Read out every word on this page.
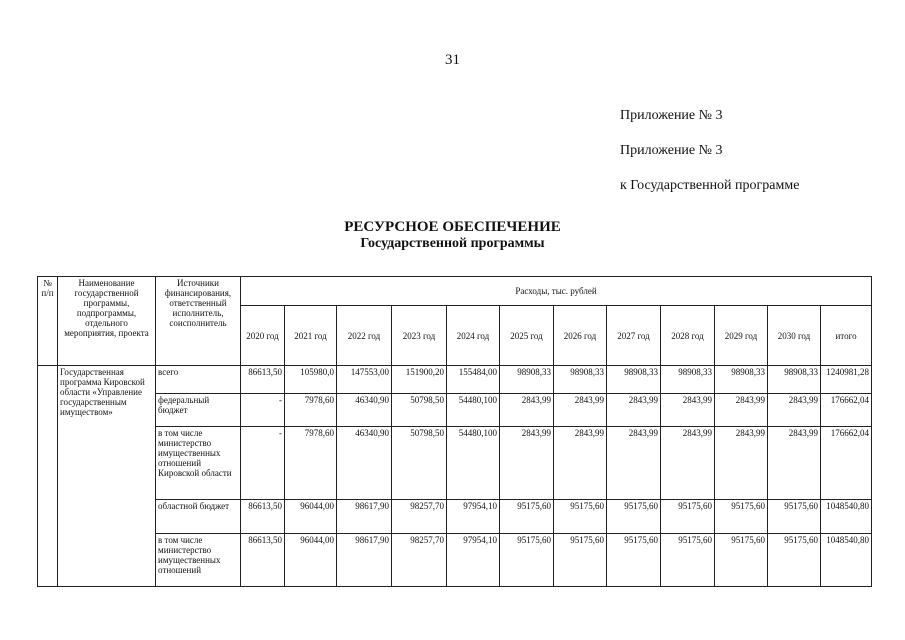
31
Приложение № 3
Приложение № 3
к Государственной программе
РЕСУРСНОЕ ОБЕСПЕЧЕНИЕ
Государственной программы
№ п/п	Наименование государственной программы, подпрограммы, отдельного мероприятия, проекта	Источники финансирования, ответственный исполнитель, соисполнитель	Расходы, тыс. рублей											
			2020 год	2021 год	2022 год	2023 год	2024 год	2025 год	2026 год	2027 год	2028 год	2029 год	2030 год	итого
	Государственная программа Кировской области «Управление государственным имуществом»	всего	86613,50	105980,0	147553,00	151900,20	155484,00	98908,33	98908,33	98908,33	98908,33	98908,33	98908,33	1240981,28
		федеральный бюджет	-	7978,60	46340,90	50798,50	54480,100	2843,99	2843,99	2843,99	2843,99	2843,99	2843,99	176662,04
		в том числе министерство имущественных отношений Кировской области	-	7978,60	46340,90	50798,50	54480,100	2843,99	2843,99	2843,99	2843,99	2843,99	2843,99	176662,04
		областной бюджет	86613,50	96044,00	98617,90	98257,70	97954,10	95175,60	95175,60	95175,60	95175,60	95175,60	95175,60	1048540,80
		в том числе министерство имущественных отношений	86613,50	96044,00	98617,90	98257,70	97954,10	95175,60	95175,60	95175,60	95175,60	95175,60	95175,60	1048540,80
